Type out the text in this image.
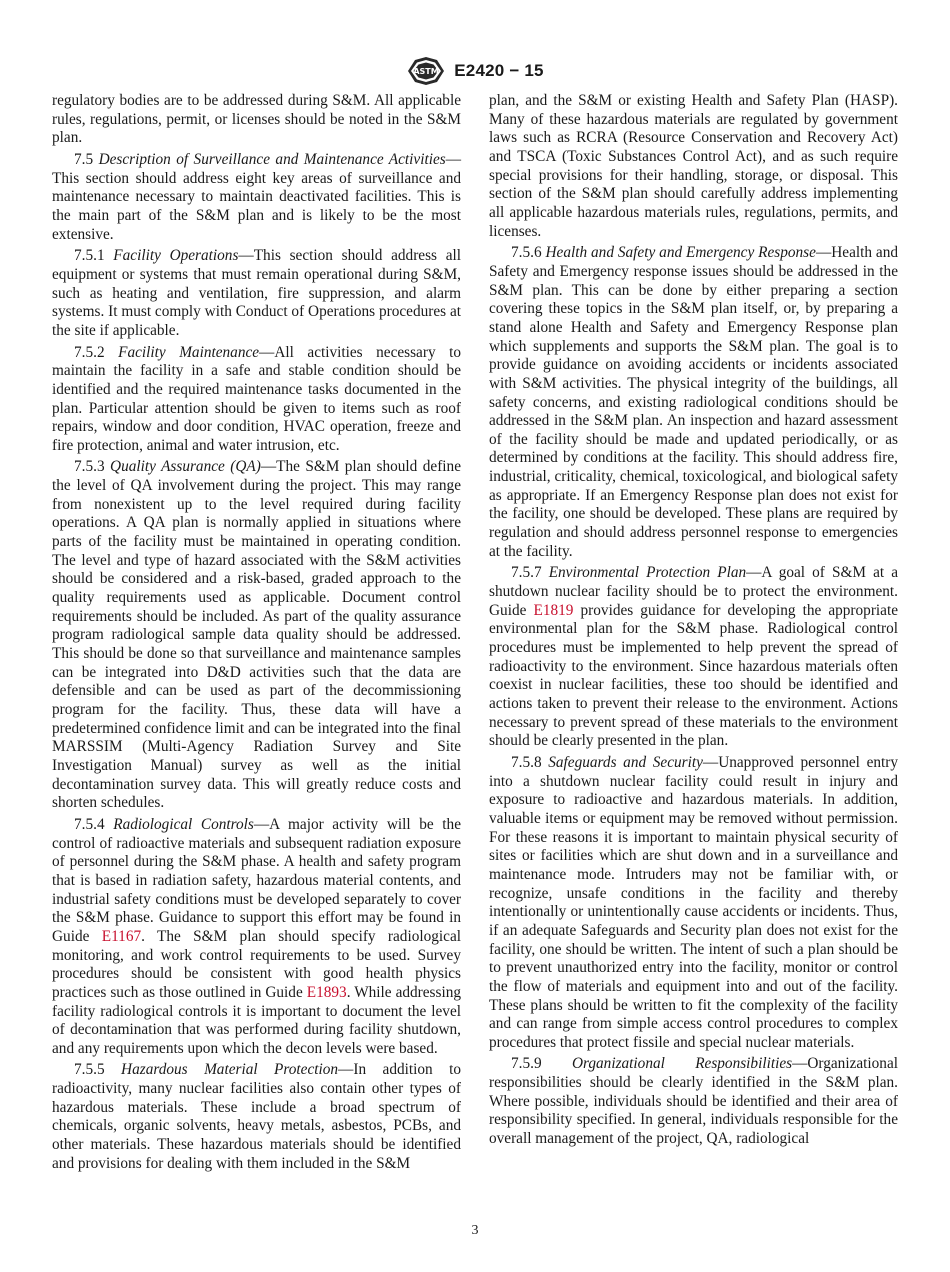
ASTM E2420 − 15

regulatory bodies are to be addressed during S&M. All applicable rules, regulations, permit, or licenses should be noted in the S&M plan.

7.5 Description of Surveillance and Maintenance Activities—This section should address eight key areas of surveillance and maintenance necessary to maintain deactivated facilities. This is the main part of the S&M plan and is likely to be the most extensive.

7.5.1 Facility Operations—This section should address all equipment or systems that must remain operational during S&M, such as heating and ventilation, fire suppression, and alarm systems. It must comply with Conduct of Operations procedures at the site if applicable.

7.5.2 Facility Maintenance—All activities necessary to maintain the facility in a safe and stable condition should be identified and the required maintenance tasks documented in the plan. Particular attention should be given to items such as roof repairs, window and door condition, HVAC operation, freeze and fire protection, animal and water intrusion, etc.

7.5.3 Quality Assurance (QA)—The S&M plan should define the level of QA involvement during the project. This may range from nonexistent up to the level required during facility operations. A QA plan is normally applied in situations where parts of the facility must be maintained in operating condition. The level and type of hazard associated with the S&M activities should be considered and a risk-based, graded approach to the quality requirements used as applicable. Document control requirements should be included. As part of the quality assurance program radiological sample data quality should be addressed. This should be done so that surveillance and maintenance samples can be integrated into D&D activities such that the data are defensible and can be used as part of the decommissioning program for the facility. Thus, these data will have a predetermined confidence limit and can be integrated into the final MARSSIM (Multi-Agency Radiation Survey and Site Investigation Manual) survey as well as the initial decontamination survey data. This will greatly reduce costs and shorten schedules.

7.5.4 Radiological Controls—A major activity will be the control of radioactive materials and subsequent radiation exposure of personnel during the S&M phase. A health and safety program that is based in radiation safety, hazardous material contents, and industrial safety conditions must be developed separately to cover the S&M phase. Guidance to support this effort may be found in Guide E1167. The S&M plan should specify radiological monitoring, and work control requirements to be used. Survey procedures should be consistent with good health physics practices such as those outlined in Guide E1893. While addressing facility radiological controls it is important to document the level of decontamination that was performed during facility shutdown, and any requirements upon which the decon levels were based.

7.5.5 Hazardous Material Protection—In addition to radioactivity, many nuclear facilities also contain other types of hazardous materials. These include a broad spectrum of chemicals, organic solvents, heavy metals, asbestos, PCBs, and other materials. These hazardous materials should be identified and provisions for dealing with them included in the S&M

plan, and the S&M or existing Health and Safety Plan (HASP). Many of these hazardous materials are regulated by government laws such as RCRA (Resource Conservation and Recovery Act) and TSCA (Toxic Substances Control Act), and as such require special provisions for their handling, storage, or disposal. This section of the S&M plan should carefully address implementing all applicable hazardous materials rules, regulations, permits, and licenses.

7.5.6 Health and Safety and Emergency Response—Health and Safety and Emergency response issues should be addressed in the S&M plan. This can be done by either preparing a section covering these topics in the S&M plan itself, or, by preparing a stand alone Health and Safety and Emergency Response plan which supplements and supports the S&M plan. The goal is to provide guidance on avoiding accidents or incidents associated with S&M activities. The physical integrity of the buildings, all safety concerns, and existing radiological conditions should be addressed in the S&M plan. An inspection and hazard assessment of the facility should be made and updated periodically, or as determined by conditions at the facility. This should address fire, industrial, criticality, chemical, toxicological, and biological safety as appropriate. If an Emergency Response plan does not exist for the facility, one should be developed. These plans are required by regulation and should address personnel response to emergencies at the facility.

7.5.7 Environmental Protection Plan—A goal of S&M at a shutdown nuclear facility should be to protect the environment. Guide E1819 provides guidance for developing the appropriate environmental plan for the S&M phase. Radiological control procedures must be implemented to help prevent the spread of radioactivity to the environment. Since hazardous materials often coexist in nuclear facilities, these too should be identified and actions taken to prevent their release to the environment. Actions necessary to prevent spread of these materials to the environment should be clearly presented in the plan.

7.5.8 Safeguards and Security—Unapproved personnel entry into a shutdown nuclear facility could result in injury and exposure to radioactive and hazardous materials. In addition, valuable items or equipment may be removed without permission. For these reasons it is important to maintain physical security of sites or facilities which are shut down and in a surveillance and maintenance mode. Intruders may not be familiar with, or recognize, unsafe conditions in the facility and thereby intentionally or unintentionally cause accidents or incidents. Thus, if an adequate Safeguards and Security plan does not exist for the facility, one should be written. The intent of such a plan should be to prevent unauthorized entry into the facility, monitor or control the flow of materials and equipment into and out of the facility. These plans should be written to fit the complexity of the facility and can range from simple access control procedures to complex procedures that protect fissile and special nuclear materials.

7.5.9 Organizational Responsibilities—Organizational responsibilities should be clearly identified in the S&M plan. Where possible, individuals should be identified and their area of responsibility specified. In general, individuals responsible for the overall management of the project, QA, radiological

3
